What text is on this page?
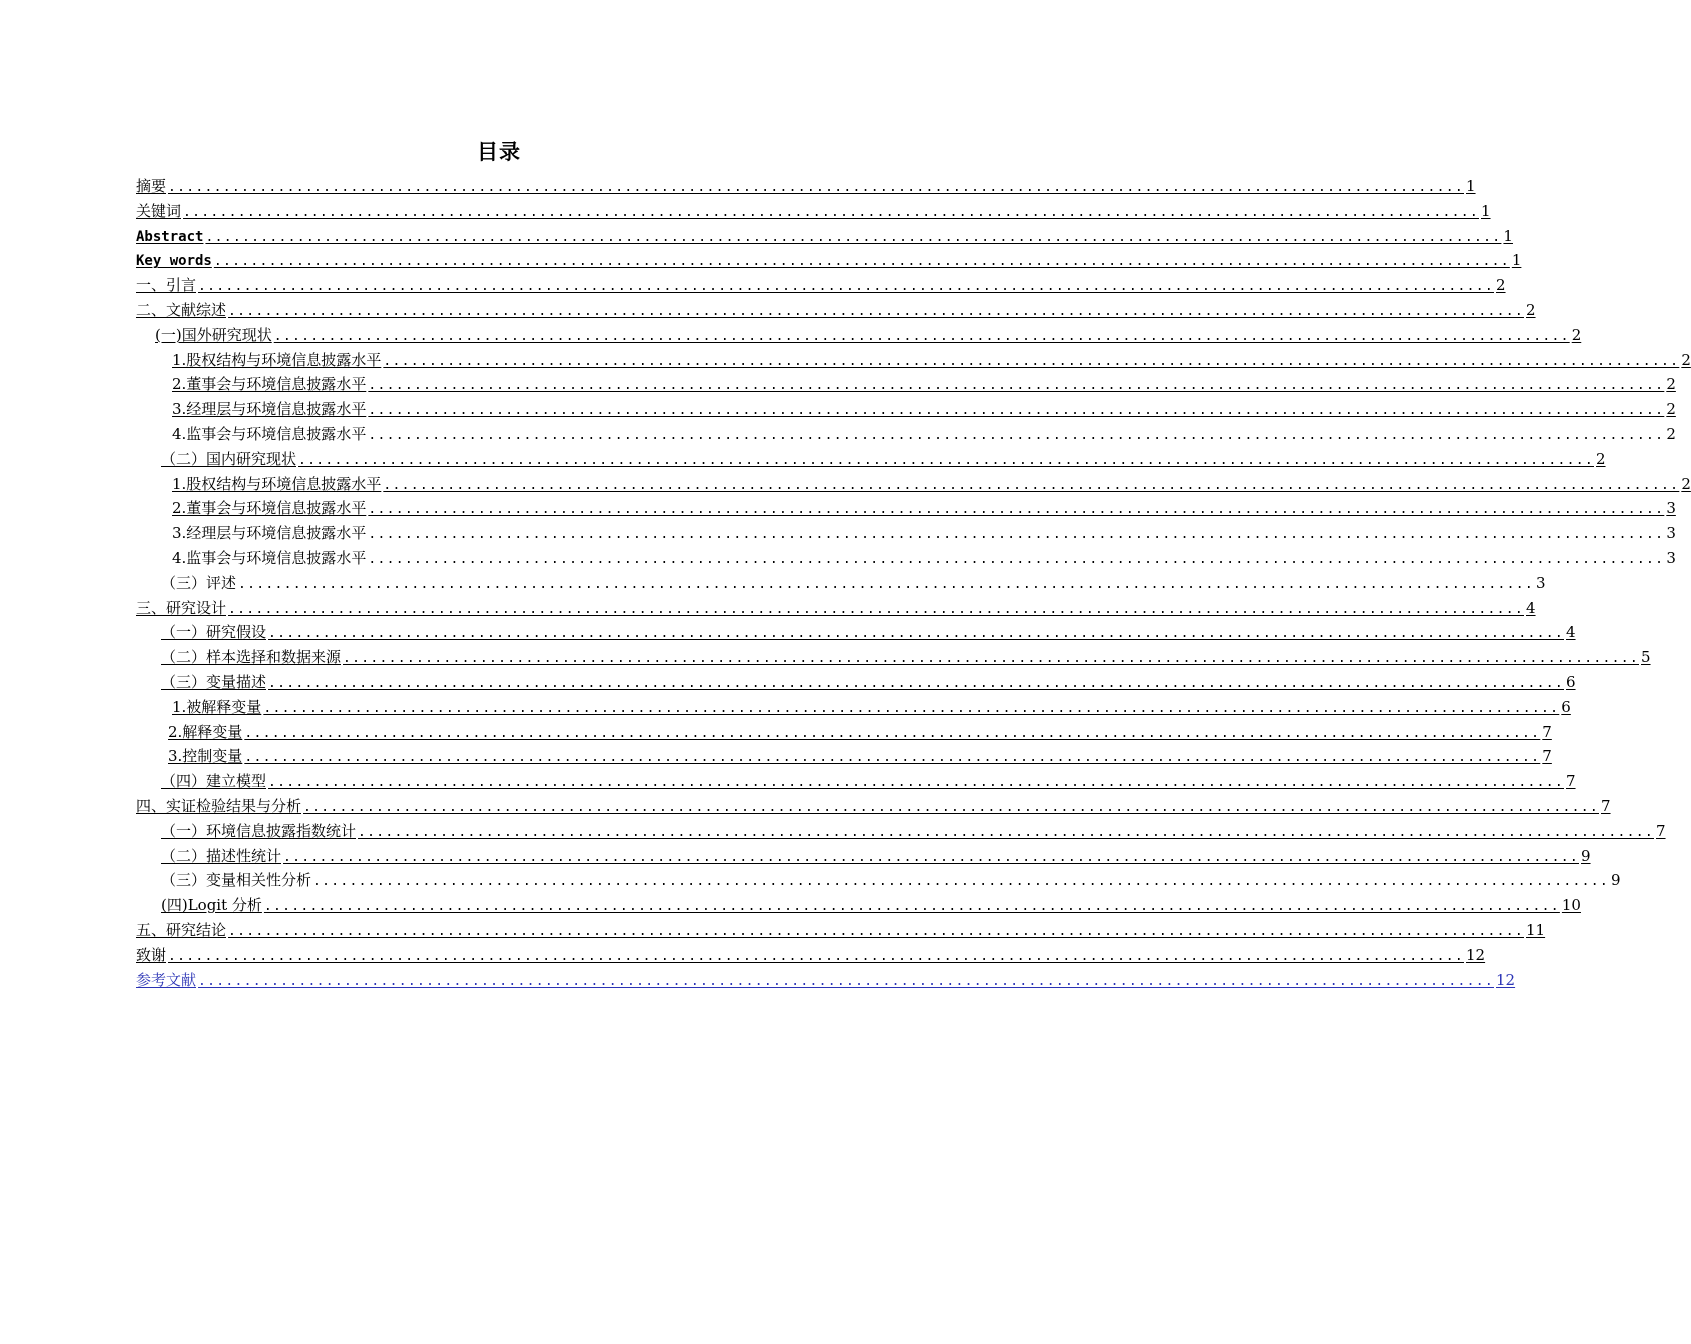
目录
摘要 .............................................................................................................................................. 1
关键词 .............................................................................................................................................. 1
Abstract .............................................................................................................................................. 1
Key words .............................................................................................................................................. 1
一、引言 .............................................................................................................................................. 2
二、文献综述 .............................................................................................................................................. 2
(一)国外研究现状 .............................................................................................................................................. 2
1.股权结构与环境信息披露水平 .............................................................................................................................................. 2
2.董事会与环境信息披露水平 .............................................................................................................................................. 2
3.经理层与环境信息披露水平 .............................................................................................................................................. 2
4.监事会与环境信息披露水平 .............................................................................................................................................. 2
（二）国内研究现状 .............................................................................................................................................. 2
1.股权结构与环境信息披露水平 .............................................................................................................................................. 2
2.董事会与环境信息披露水平 .............................................................................................................................................. 3
3.经理层与环境信息披露水平 .............................................................................................................................................. 3
4.监事会与环境信息披露水平 .............................................................................................................................................. 3
（三）评述 .............................................................................................................................................. 3
三、研究设计 .............................................................................................................................................. 4
（一）研究假设 .............................................................................................................................................. 4
（二）样本选择和数据来源 .............................................................................................................................................. 5
（三）变量描述 .............................................................................................................................................. 6
1.被解释变量 .............................................................................................................................................. 6
2.解释变量 .............................................................................................................................................. 7
3.控制变量 .............................................................................................................................................. 7
（四）建立模型 .............................................................................................................................................. 7
四、实证检验结果与分析 .............................................................................................................................................. 7
（一）环境信息披露指数统计 .............................................................................................................................................. 7
（二）描述性统计 .............................................................................................................................................. 9
（三）变量相关性分析 .............................................................................................................................................. 9
(四)Logit 分析 .............................................................................................................................................. 10
五、研究结论 .............................................................................................................................................. 11
致谢 .............................................................................................................................................. 12
参考文献 .............................................................................................................................................. 12
